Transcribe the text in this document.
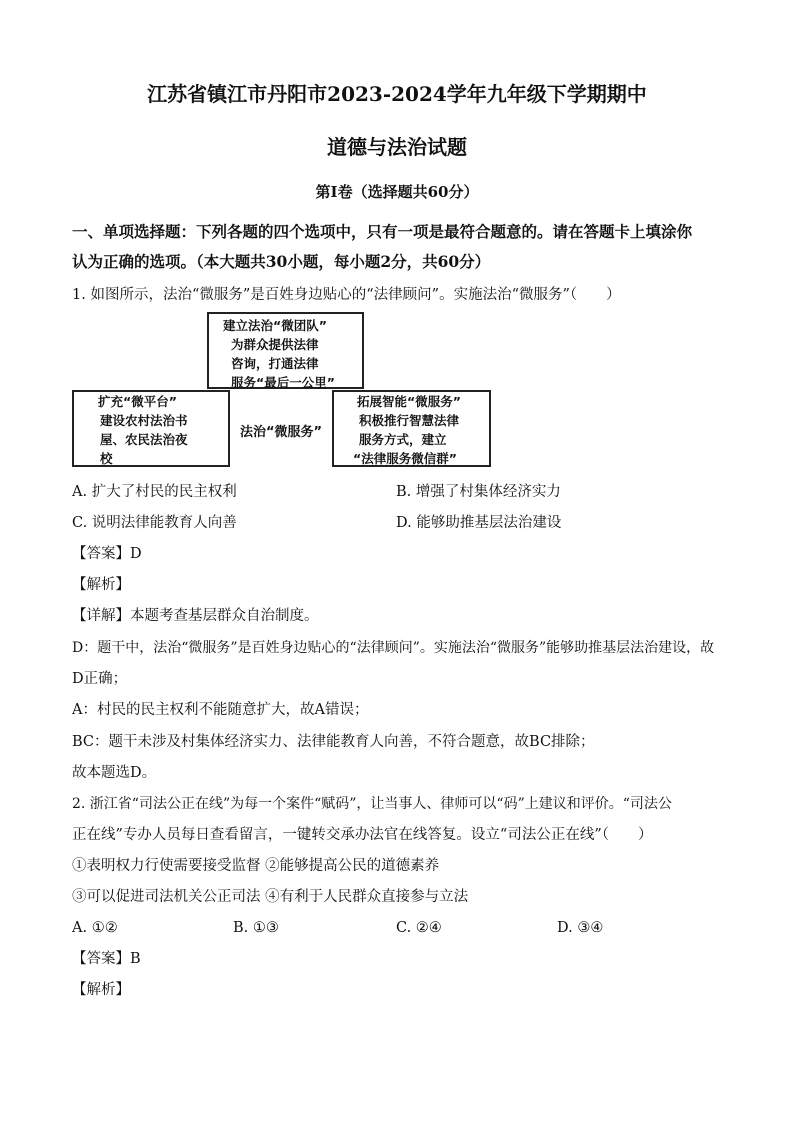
江苏省镇江市丹阳市2023-2024学年九年级下学期期中
道德与法治试题
第Ⅰ卷（选择题共60分）
一、单项选择题：下列各题的四个选项中，只有一项是最符合题意的。请在答题卡上填涂你
认为正确的选项。（本大题共30小题，每小题2分，共60分）
1. 如图所示，法治“微服务”是百姓身边贴心的“法律顾问”。实施法治“微服务”（　　）
建立法治“微团队”
为群众提供法律
咨询，打通法律
服务“最后一公里”
扩充“微平台”
建设农村法治书
屋、农民法治夜
校
法治“微服务”
拓展智能“微服务”
积极推行智慧法律
服务方式，建立
“法律服务微信群”
A. 扩大了村民的民主权利	B. 增强了村集体经济实力
C. 说明法律能教育人向善	D. 能够助推基层法治建设
【答案】D
【解析】
【详解】本题考查基层群众自治制度。
D：题干中，法治“微服务”是百姓身边贴心的“法律顾问”。实施法治“微服务”能够助推基层法治建设，故
D正确；
A：村民的民主权利不能随意扩大，故A错误；
BC：题干未涉及村集体经济实力、法律能教育人向善，不符合题意，故BC排除；
故本题选D。
2. 浙江省“司法公正在线”为每一个案件“赋码”，让当事人、律师可以“码”上建议和评价。“司法公
正在线”专办人员每日查看留言，一键转交承办法官在线答复。设立“司法公正在线”（　　）
①表明权力行使需要接受监督 ②能够提高公民的道德素养
③可以促进司法机关公正司法 ④有利于人民群众直接参与立法
A. ①②	B. ①③	C. ②④	D. ③④
【答案】B
【解析】
